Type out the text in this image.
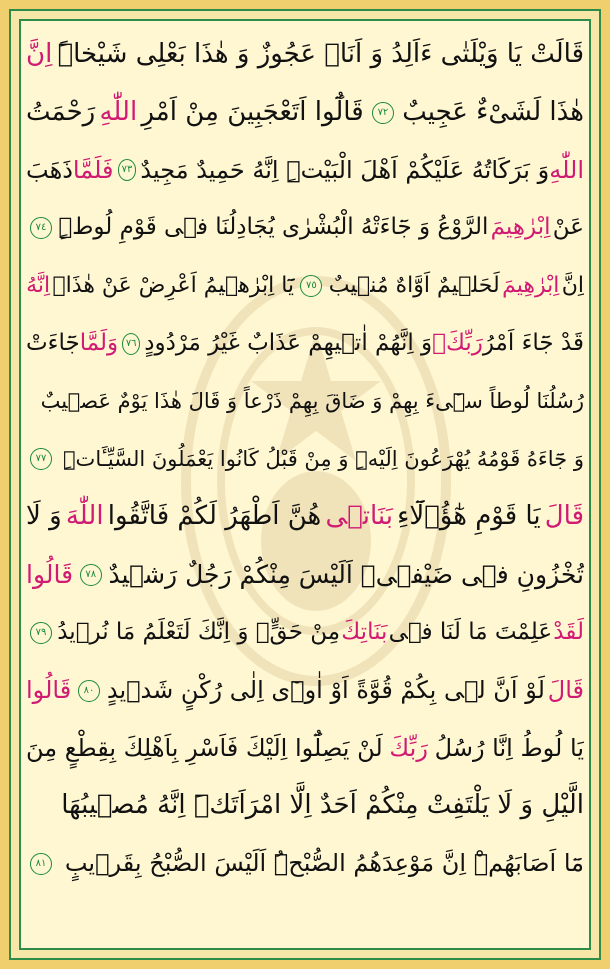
قَالَتْ يَا وَيْلَتٰى ءَاَلِدُ وَ اَنَا۬ عَجُوزٌ وَ هٰذَا بَعْلِى شَيْخاًۜ
اِنَّ
هٰذَا لَشَیْءٌ عَجِيبٌ
٧٢
قَالُٓوا اَتَعْجَبِينَ مِنْ اَمْرِ
اللّٰهِ
رَحْمَتُ
اللّٰهِ
وَ بَرَكَاتُهُ عَلَيْكُمْ اَهْلَ الْبَيْتِۜ اِنَّهُ حَمِيدٌ مَجِيدٌ
٧٣
فَلَمَّا
ذَهَبَ
عَنْ
اِبْرٰهِيمَ
الرَّوْعُ وَ جَٓاءَتْهُ الْبُشْرٰى يُجَادِلُنَا فٖى قَوْمِ لُوطٍۜ
٧٤
اِنَّ
اِبْرٰهِيمَ
لَحَلٖيمٌ اَوَّاهٌ مُنٖيبٌ
٧٥
يَٓا اِبْرٰهٖيمُ اَعْرِضْ عَنْ هٰذَاۚ
اِنَّهُ
قَدْ جَٓاءَ اَمْرُ
رَبِّكَۚ
وَ اِنَّهُمْ اٰتٖيهِمْ عَذَابٌ غَيْرُ مَرْدُودٍ
٧٦
وَلَمَّا
جَٓاءَتْ
رُسُلُنَا لُوطاً سٖٓیءَ بِهِمْ وَ ضَاقَ بِهِمْ ذَرْعاً وَ قَالَ هٰذَا يَوْمٌ عَصٖيبٌ
وَ جَٓاءَهُ قَوْمُهُ يُهْرَعُونَ اِلَيْهِۜ وَ مِنْ قَبْلُ كَانُوا يَعْمَلُونَ السَّيِّـَٔاتِۜ
٧٧
قَالَ
يَا قَوْمِ هٰٓؤُ۬لَٓاءِ
بَنَاتٖى
هُنَّ اَطْهَرُ لَكُمْ فَاتَّقُوا
اللّٰهَ
وَ لَا
تُخْزُونِ فٖى ضَيْفٖىۜ اَلَيْسَ مِنْكُمْ رَجُلٌ رَشٖيدٌ
٧٨
قَالُوا
لَقَدْ
عَلِمْتَ مَا لَنَا فٖى
بَنَاتِكَ
مِنْ حَقٍّۚ وَ اِنَّكَ لَتَعْلَمُ مَا نُرٖيدُ
٧٩
قَالَ
لَوْ اَنَّ لٖى بِكُمْ قُوَّةً اَوْ اٰوٖٓى اِلٰى رُكْنٍ شَدٖيدٍ
٨٠
قَالُوا
يَا لُوطُ اِنَّا رُسُلُ
رَبِّكَ
لَنْ يَصِلُٓوا اِلَيْكَ فَاَسْرِ بِاَهْلِكَ بِقِطْعٍ مِنَ
الَّيْلِ وَ لَا يَلْتَفِتْ مِنْكُمْ اَحَدٌ اِلَّا امْرَاَتَكَۜ اِنَّهُ مُصٖيبُهَا
مَٓا اَصَابَهُمْۜ اِنَّ مَوْعِدَهُمُ الصُّبْحُۜ اَلَيْسَ الصُّبْحُ بِقَرٖيبٍ
٨١
